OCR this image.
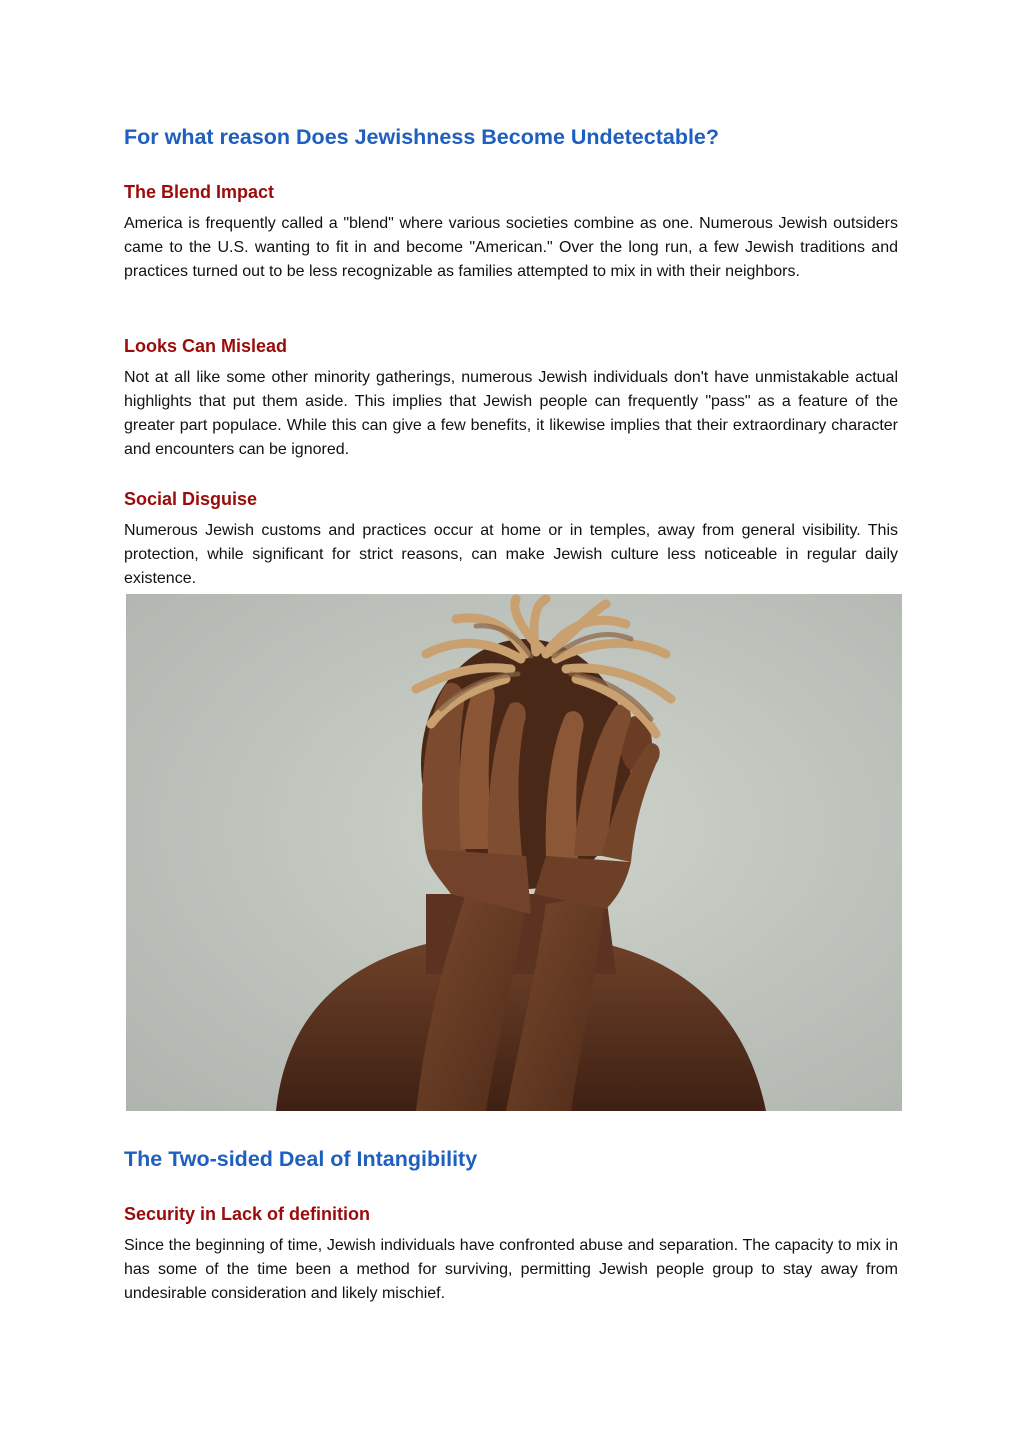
For what reason Does Jewishness Become Undetectable?
The Blend Impact

America is frequently called a "blend" where various societies combine as one. Numerous Jewish outsiders came to the U.S. wanting to fit in and become "American." Over the long run, a few Jewish traditions and practices turned out to be less recognizable as families attempted to mix in with their neighbors.

Looks Can Mislead

Not at all like some other minority gatherings, numerous Jewish individuals don't have unmistakable actual highlights that put them aside. This implies that Jewish people can frequently "pass" as a feature of the greater part populace. While this can give a few benefits, it likewise implies that their extraordinary character and encounters can be ignored.

Social Disguise

Numerous Jewish customs and practices occur at home or in temples, away from general visibility. This protection, while significant for strict reasons, can make Jewish culture less noticeable in regular daily existence.

The Two-sided Deal of Intangibility
Security in Lack of definition

Since the beginning of time, Jewish individuals have confronted abuse and separation. The capacity to mix in has some of the time been a method for surviving, permitting Jewish people group to stay away from undesirable consideration and likely mischief.
